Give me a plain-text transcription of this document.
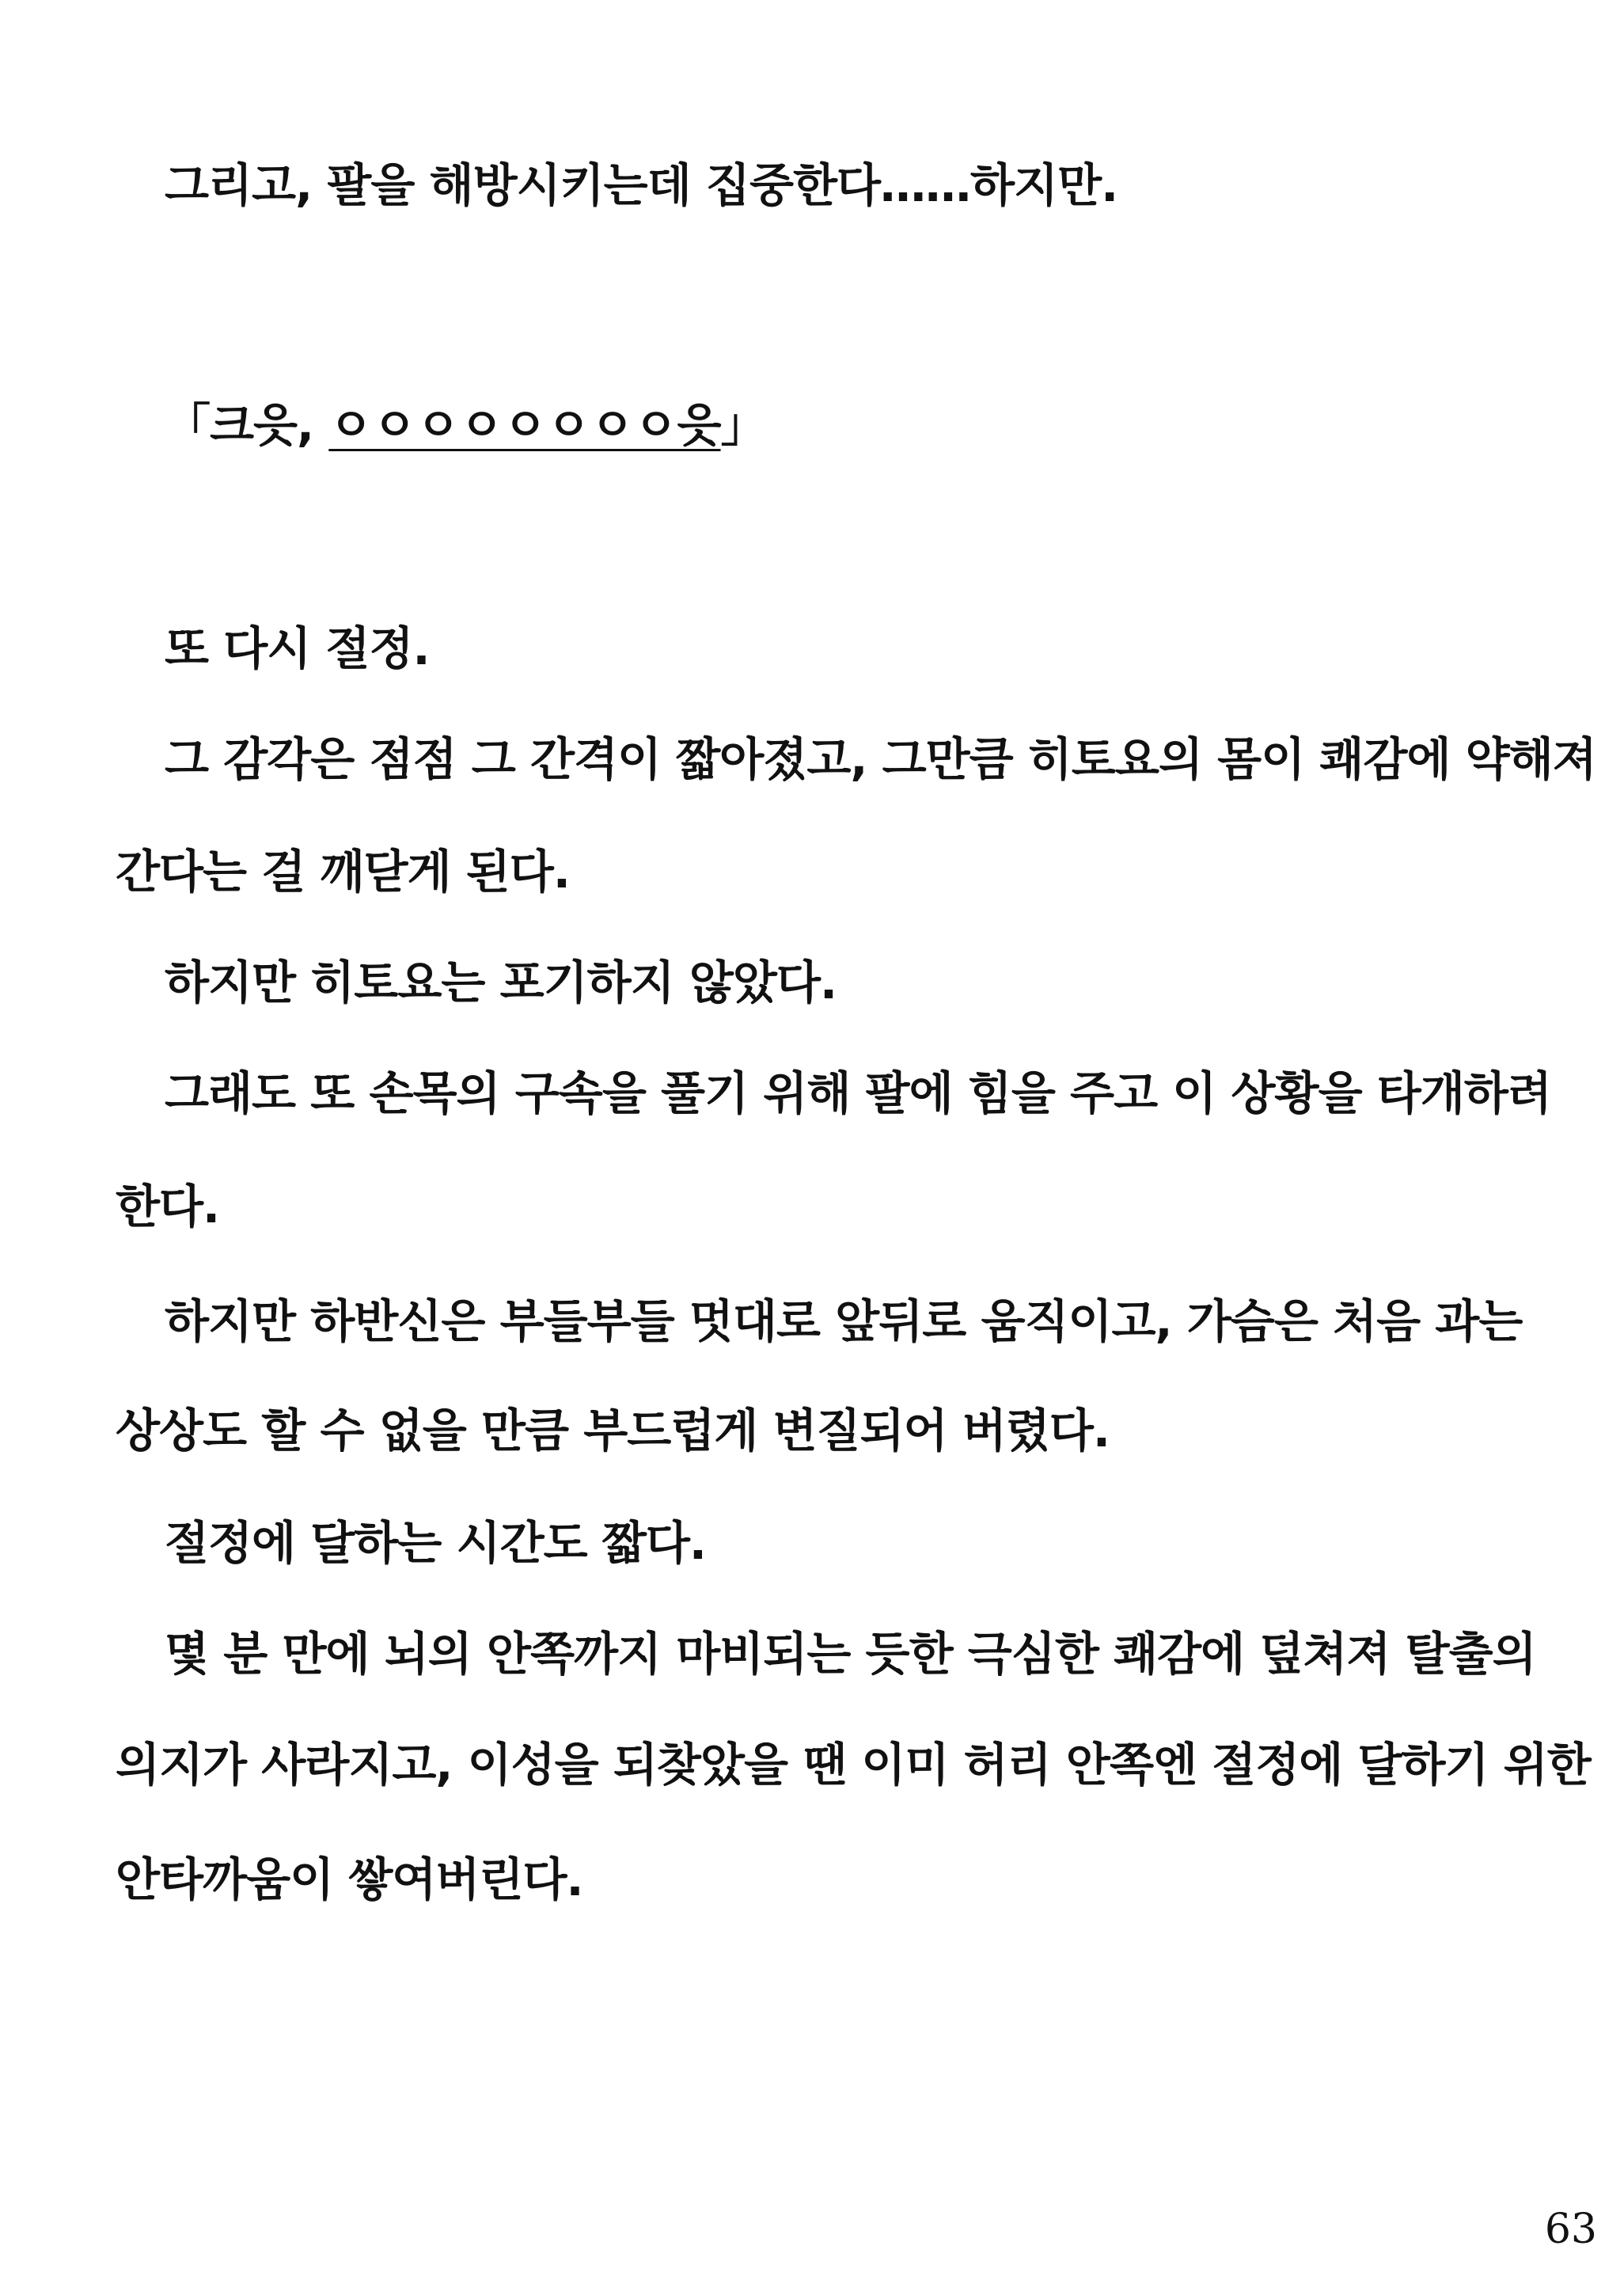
그리고, 팔을 해방시키는데 집중한다……하지만.
「크읏, ㅇㅇㅇㅇㅇㅇㅇㅇ읏」
또 다시 절정.
그 감각은 점점 그 간격이 짧아졌고, 그만큼 히토요의 몸이 쾌감에 약해져
간다는 걸 깨닫게 된다.
하지만 히토요는 포기하지 않았다.
그래도 또 손목의 구속을 풀기 위해 팔에 힘을 주고 이 상황을 타개하려
한다.
하지만 하반신은 부들부들 멋대로 앞뒤로 움직이고, 가슴은 처음 과는
상상도 할 수 없을 만큼 부드럽게 변질되어 버렸다.
절정에 달하는 시간도 짧다.
몇 분 만에 뇌의 안쪽까지 마비되는 듯한 극심한 쾌감에 덮쳐져 탈출의
의지가 사라지고, 이성을 되찾았을 땐 이미 허리 안쪽엔 절정에 달하기 위한
안타까움이 쌓여버린다.
63
